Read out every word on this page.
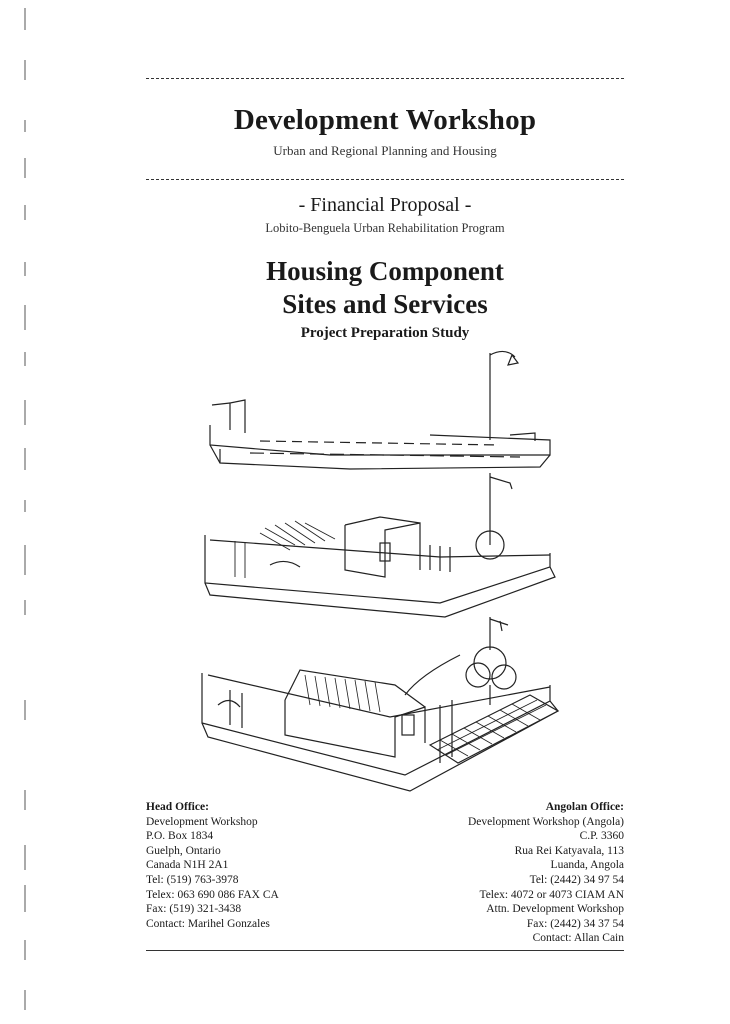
Development Workshop
Urban and Regional Planning and Housing
- Financial Proposal -
Lobito-Benguela Urban Rehabilitation Program
Housing Component
Sites and Services
Project Preparation Study
Head Office:
Development Workshop
P.O. Box 1834
Guelph, Ontario
Canada N1H 2A1
Tel: (519) 763-3978
Telex: 063 690 086 FAX CA
Fax: (519) 321-3438
Contact: Marihel Gonzales
Angolan Office:
Development Workshop (Angola)
C.P. 3360
Rua Rei Katyavala, 113
Luanda, Angola
Tel: (2442) 34 97 54
Telex: 4072 or 4073 CIAM AN
Attn. Development Workshop
Fax: (2442) 34 37 54
Contact: Allan Cain
